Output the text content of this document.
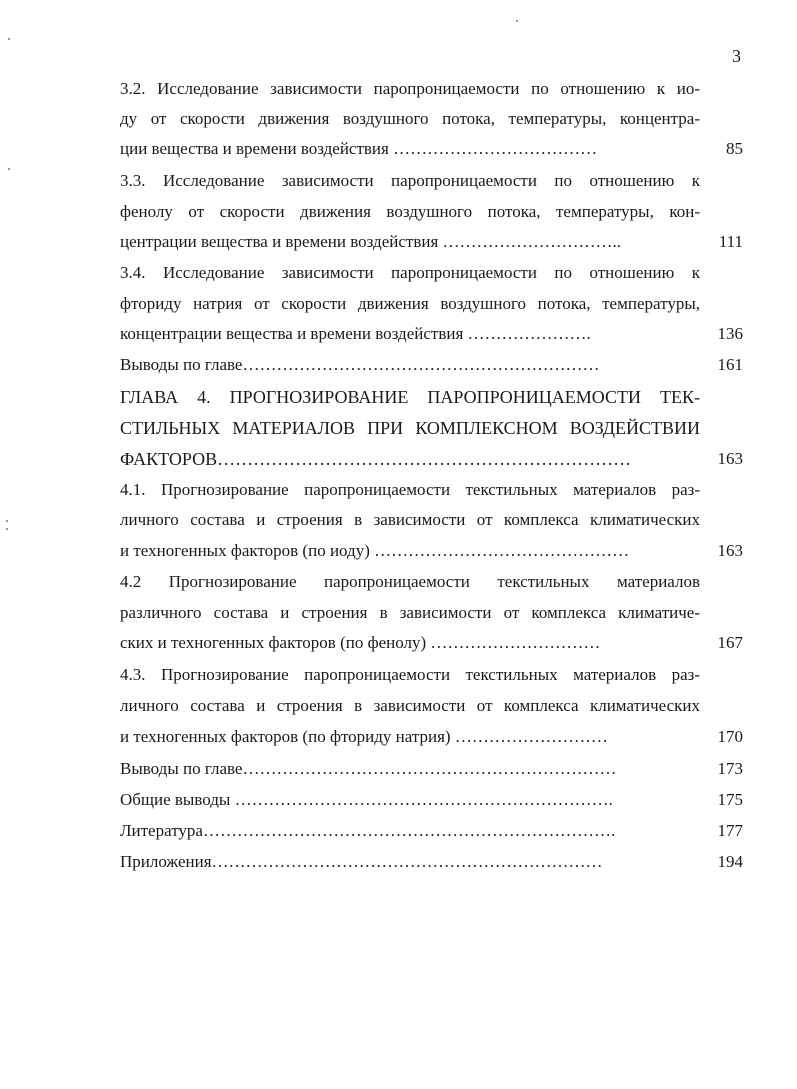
3
3.2. Исследование зависимости паропроницаемости по отношению к ио-
ду от скорости движения воздушного потока, температуры, концентра-
ции вещества и времени воздействия ………………………………	85
3.3. Исследование зависимости паропроницаемости по отношению к
фенолу от скорости движения воздушного потока, температуры, кон-
центрации вещества и времени воздействия …………………………..	111
3.4. Исследование зависимости паропроницаемости по отношению к
фториду натрия от скорости движения воздушного потока, температуры,
концентрации вещества и времени воздействия ………………….	136
Выводы по главе………………………………………………………	161
ГЛАВА 4. ПРОГНОЗИРОВАНИЕ ПАРОПРОНИЦАЕМОСТИ ТЕК-
СТИЛЬНЫХ МАТЕРИАЛОВ ПРИ КОМПЛЕКСНОМ ВОЗДЕЙСТВИИ
ФАКТОРОВ……………………………………………………………	163
4.1. Прогнозирование паропроницаемости текстильных материалов раз-
личного состава и строения в зависимости от комплекса климатических
и техногенных факторов (по иоду) ………………………………………	163
4.2 Прогнозирование паропроницаемости текстильных материалов
различного состава и строения в зависимости от комплекса климатиче-
ских и техногенных факторов (по фенолу) …………………………	167
4.3. Прогнозирование паропроницаемости текстильных материалов раз-
личного состава и строения в зависимости от комплекса климатических
и техногенных факторов (по фториду натрия) ………………………	170
Выводы по главе…………………………………………………………	173
Общие выводы ………………………………………………………….	175
Литература……………………………………………………………….	177
Приложения……………………………………………………………	194
